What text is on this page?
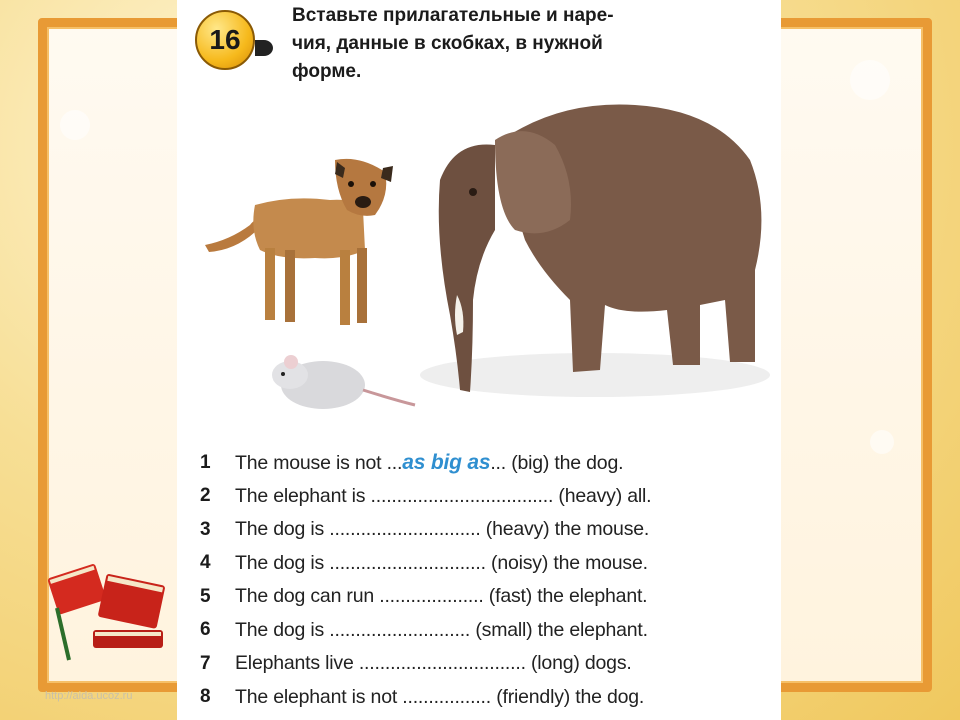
16
Вставьте прилагательные и наре-
чия, данные в скобках, в нужной
форме.
1	The mouse is not ...as big as... (big) the dog.
2	The elephant is ................................... (heavy) all.
3	The dog is ............................. (heavy) the mouse.
4	The dog is .............................. (noisy) the mouse.
5	The dog can run .................... (fast) the elephant.
6	The dog is ........................... (small) the elephant.
7	Elephants live ................................ (long) dogs.
8	The elephant is not ................. (friendly) the dog.
http://aida.ucoz.ru
